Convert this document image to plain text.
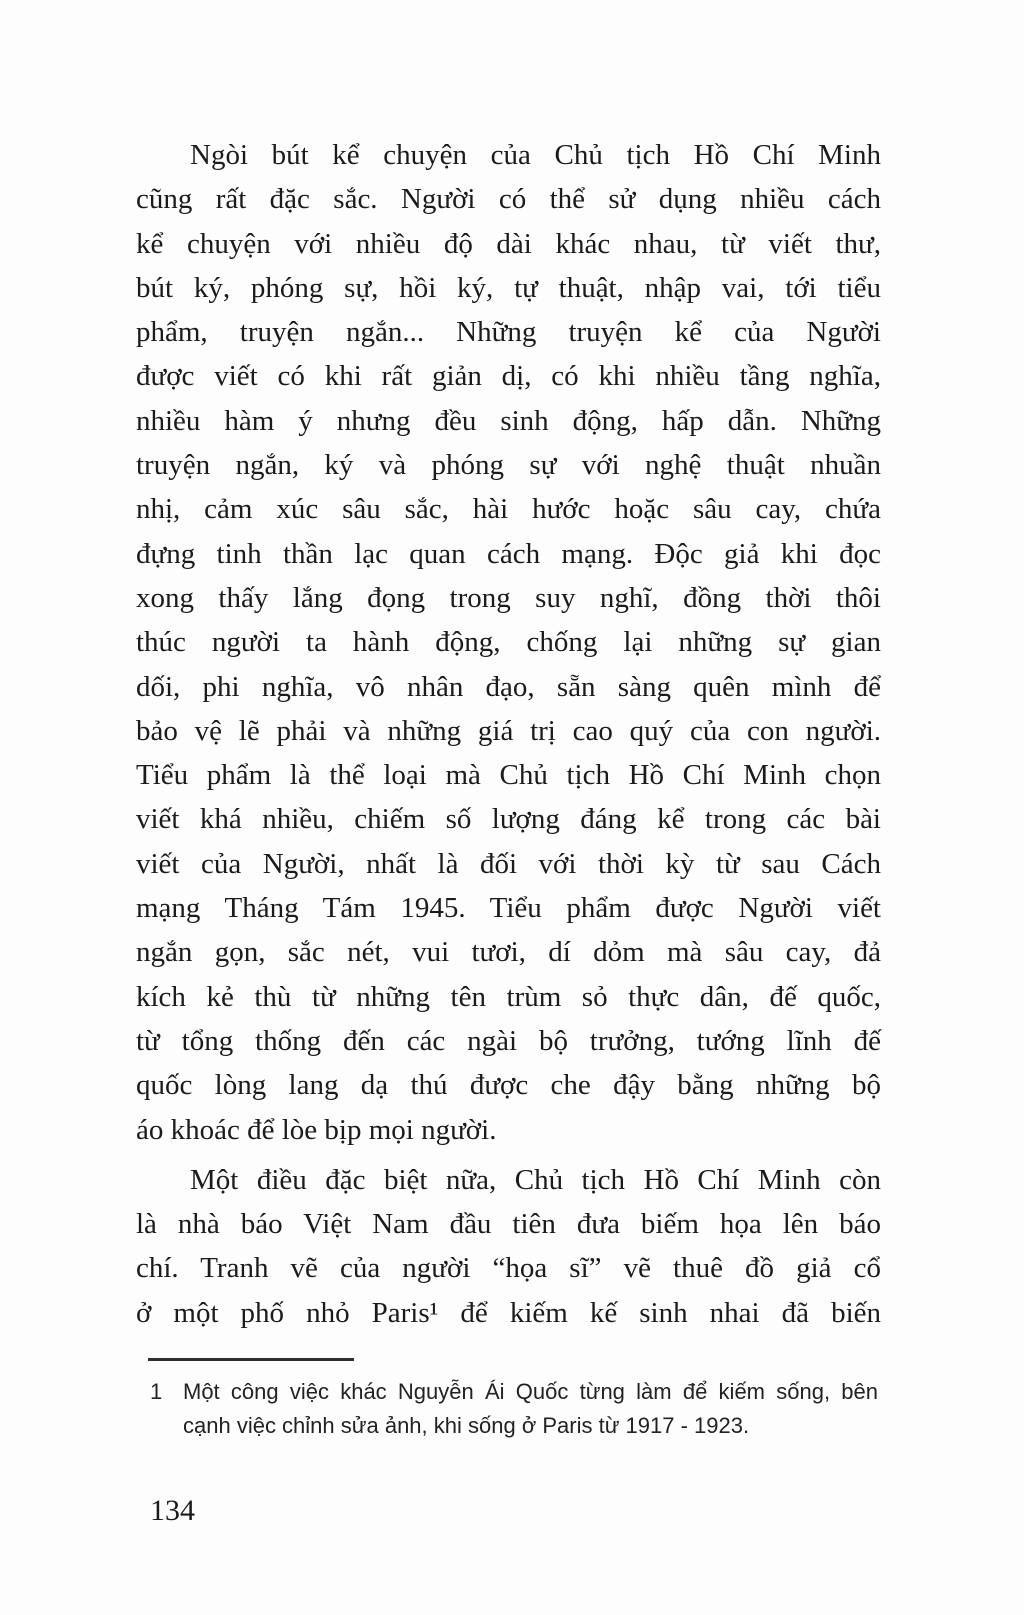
Ngòi bút kể chuyện của Chủ tịch Hồ Chí Minh
cũng rất đặc sắc. Người có thể sử dụng nhiều cách
kể chuyện với nhiều độ dài khác nhau, từ viết thư,
bút ký, phóng sự, hồi ký, tự thuật, nhập vai, tới tiểu
phẩm, truyện ngắn... Những truyện kể của Người
được viết có khi rất giản dị, có khi nhiều tầng nghĩa,
nhiều hàm ý nhưng đều sinh động, hấp dẫn. Những
truyện ngắn, ký và phóng sự với nghệ thuật nhuần
nhị, cảm xúc sâu sắc, hài hước hoặc sâu cay, chứa
đựng tinh thần lạc quan cách mạng. Độc giả khi đọc
xong thấy lắng đọng trong suy nghĩ, đồng thời thôi
thúc người ta hành động, chống lại những sự gian
dối, phi nghĩa, vô nhân đạo, sẵn sàng quên mình để
bảo vệ lẽ phải và những giá trị cao quý của con người.
Tiểu phẩm là thể loại mà Chủ tịch Hồ Chí Minh chọn
viết khá nhiều, chiếm số lượng đáng kể trong các bài
viết của Người, nhất là đối với thời kỳ từ sau Cách
mạng Tháng Tám 1945. Tiểu phẩm được Người viết
ngắn gọn, sắc nét, vui tươi, dí dỏm mà sâu cay, đả
kích kẻ thù từ những tên trùm sỏ thực dân, đế quốc,
từ tổng thống đến các ngài bộ trưởng, tướng lĩnh đế
quốc lòng lang dạ thú được che đậy bằng những bộ
áo khoác để lòe bịp mọi người.
Một điều đặc biệt nữa, Chủ tịch Hồ Chí Minh còn
là nhà báo Việt Nam đầu tiên đưa biếm họa lên báo
chí. Tranh vẽ của người “họa sĩ” vẽ thuê đồ giả cổ
ở một phố nhỏ Paris¹ để kiếm kế sinh nhai đã biến
1 Một công việc khác Nguyễn Ái Quốc từng làm để kiếm sống, bên
cạnh việc chỉnh sửa ảnh, khi sống ở Paris từ 1917 - 1923.
134
